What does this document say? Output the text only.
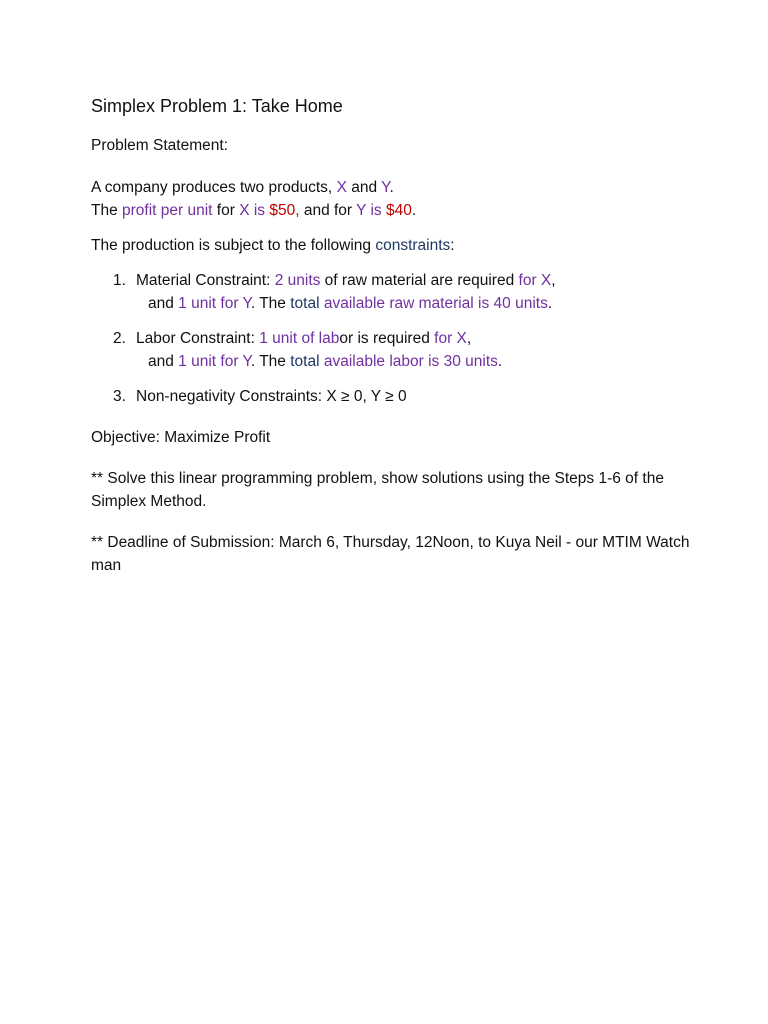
Simplex Problem 1: Take Home
Problem Statement:
A company produces two products, X and Y.
The profit per unit for X is $50, and for Y is $40.
The production is subject to the following constraints:
1. Material Constraint: 2 units of raw material are required for X,
and 1 unit for Y. The total available raw material is 40 units.
2. Labor Constraint: 1 unit of labor is required for X,
and 1 unit for Y. The total available labor is 30 units.
3. Non-negativity Constraints: X ≥ 0, Y ≥ 0
Objective: Maximize Profit
** Solve this linear programming problem, show solutions using the Steps 1-6 of the Simplex Method.
** Deadline of Submission: March 6, Thursday, 12Noon, to Kuya Neil - our MTIM Watch man
